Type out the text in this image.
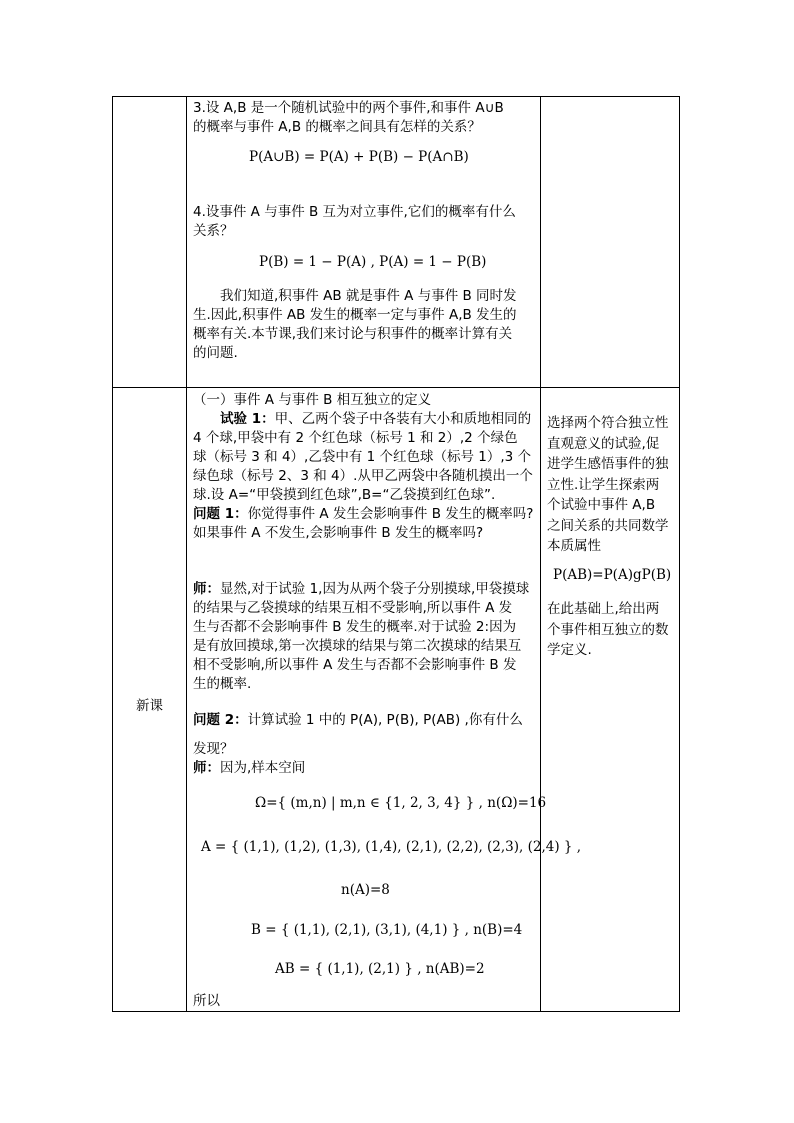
3.设 A,B 是一个随机试验中的两个事件,和事件 A∪B

的概率与事件 A,B 的概率之间具有怎样的关系？

P(A∪B) = P(A) + P(B) − P(A∩B)

4.设事件 A 与事件 B 互为对立事件,它们的概率有什么

关系？

P(B) = 1 − P(A) , P(A) = 1 − P(B)

我们知道,积事件 AB 就是事件 A 与事件 B 同时发

生.因此,积事件 AB 发生的概率一定与事件 A,B 发生的

概率有关.本节课,我们来讨论与积事件的概率计算有关

的问题.

新课

（一）事件 A 与事件 B 相互独立的定义

试验 1：甲、乙两个袋子中各装有大小和质地相同的

4 个球,甲袋中有 2 个红色球（标号 1 和 2）,2 个绿色

球（标号 3 和 4）,乙袋中有 1 个红色球（标号 1）,3 个

绿色球（标号 2、3 和 4）.从甲乙两袋中各随机摸出一个

球.设 A=“甲袋摸到红色球”,B=“乙袋摸到红色球”.

问题 1：你觉得事件 A 发生会影响事件 B 发生的概率吗?

如果事件 A 不发生,会影响事件 B 发生的概率吗?

师：显然,对于试验 1,因为从两个袋子分别摸球,甲袋摸球

的结果与乙袋摸球的结果互相不受影响,所以事件 A 发

生与否都不会影响事件 B 发生的概率.对于试验 2:因为

是有放回摸球,第一次摸球的结果与第二次摸球的结果互

相不受影响,所以事件 A 发生与否都不会影响事件 B 发

生的概率.

问题 2：计算试验 1 中的 P(A), P(B), P(AB) ,你有什么

发现？

师：因为,样本空间

Ω={ (m,n) | m,n ∈ {1, 2, 3, 4} } , n(Ω)=16
A = { (1,1), (1,2), (1,3), (1,4), (2,1), (2,2), (2,3), (2,4) } ,
n(A)=8
B = { (1,1), (2,1), (3,1), (4,1) } , n(B)=4
AB = { (1,1), (2,1) } , n(AB)=2
所以

选择两个符合独立性

直观意义的试验,促

进学生感悟事件的独

立性.让学生探索两

个试验中事件 A,B

之间关系的共同数学

本质属性

P(AB)=P(A)gP(B)

在此基础上,给出两

个事件相互独立的数

学定义.
